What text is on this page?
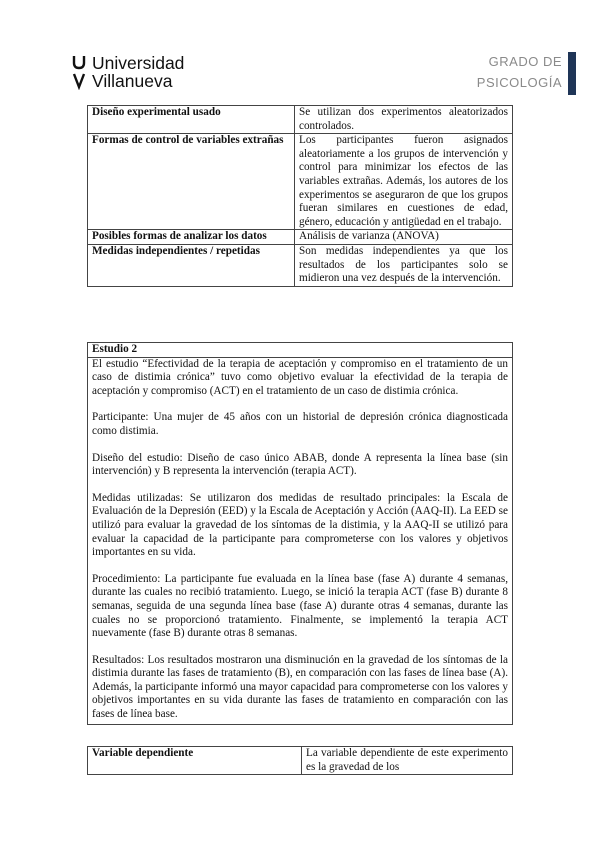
Universidad
Villanueva
GRADO DE
PSICOLOGÍA
Diseño experimental usado	Se utilizan dos experimentos aleatorizados controlados.
Formas de control de variables extrañas	Los participantes fueron asignados aleatoriamente a los grupos de intervención y control para minimizar los efectos de las variables extrañas. Además, los autores de los experimentos se aseguraron de que los grupos fueran similares en cuestiones de edad, género, educación y antigüedad en el trabajo.
Posibles formas de analizar los datos	Análisis de varianza (ANOVA)
Medidas independientes / repetidas	Son medidas independientes ya que los resultados de los participantes solo se midieron una vez después de la intervención.
Estudio 2

El estudio “Efectividad de la terapia de aceptación y compromiso en el tratamiento de un caso de distimia crónica” tuvo como objetivo evaluar la efectividad de la terapia de aceptación y compromiso (ACT) en el tratamiento de un caso de distimia crónica.

Participante: Una mujer de 45 años con un historial de depresión crónica diagnosticada como distimia.

Diseño del estudio: Diseño de caso único ABAB, donde A representa la línea base (sin intervención) y B representa la intervención (terapia ACT).

Medidas utilizadas: Se utilizaron dos medidas de resultado principales: la Escala de Evaluación de la Depresión (EED) y la Escala de Aceptación y Acción (AAQ-II). La EED se utilizó para evaluar la gravedad de los síntomas de la distimia, y la AAQ-II se utilizó para evaluar la capacidad de la participante para comprometerse con los valores y objetivos importantes en su vida.

Procedimiento: La participante fue evaluada en la línea base (fase A) durante 4 semanas, durante las cuales no recibió tratamiento. Luego, se inició la terapia ACT (fase B) durante 8 semanas, seguida de una segunda línea base (fase A) durante otras 4 semanas, durante las cuales no se proporcionó tratamiento. Finalmente, se implementó la terapia ACT nuevamente (fase B) durante otras 8 semanas.

Resultados: Los resultados mostraron una disminución en la gravedad de los síntomas de la distimia durante las fases de tratamiento (B), en comparación con las fases de línea base (A). Además, la participante informó una mayor capacidad para comprometerse con los valores y objetivos importantes en su vida durante las fases de tratamiento en comparación con las fases de línea base.

Variable dependiente	La variable dependiente de este experimento es la gravedad de los
